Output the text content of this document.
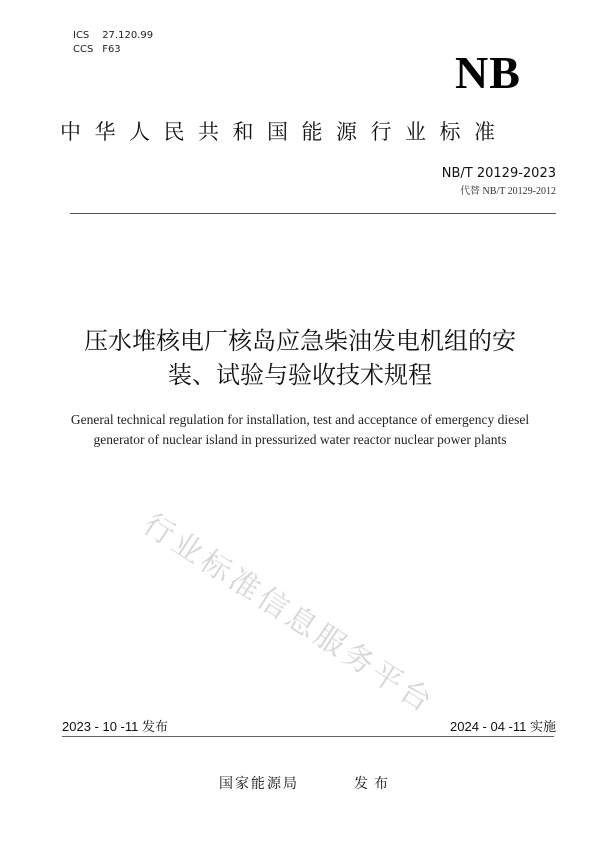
ICS 27.120.99
CCS F63	NB
中华人民共和国能源行业标准
NB/T 20129-2023
代替 NB/T 20129-2012
压水堆核电厂核岛应急柴油发电机组的安
装、试验与验收技术规程
General technical regulation for installation, test and acceptance of emergency diesel
generator of nuclear island in pressurized water reactor nuclear power plants
行业标准信息服务平台
2023 - 10 -11 发布	2024 - 04 -11 实施
国家能源局	发布
